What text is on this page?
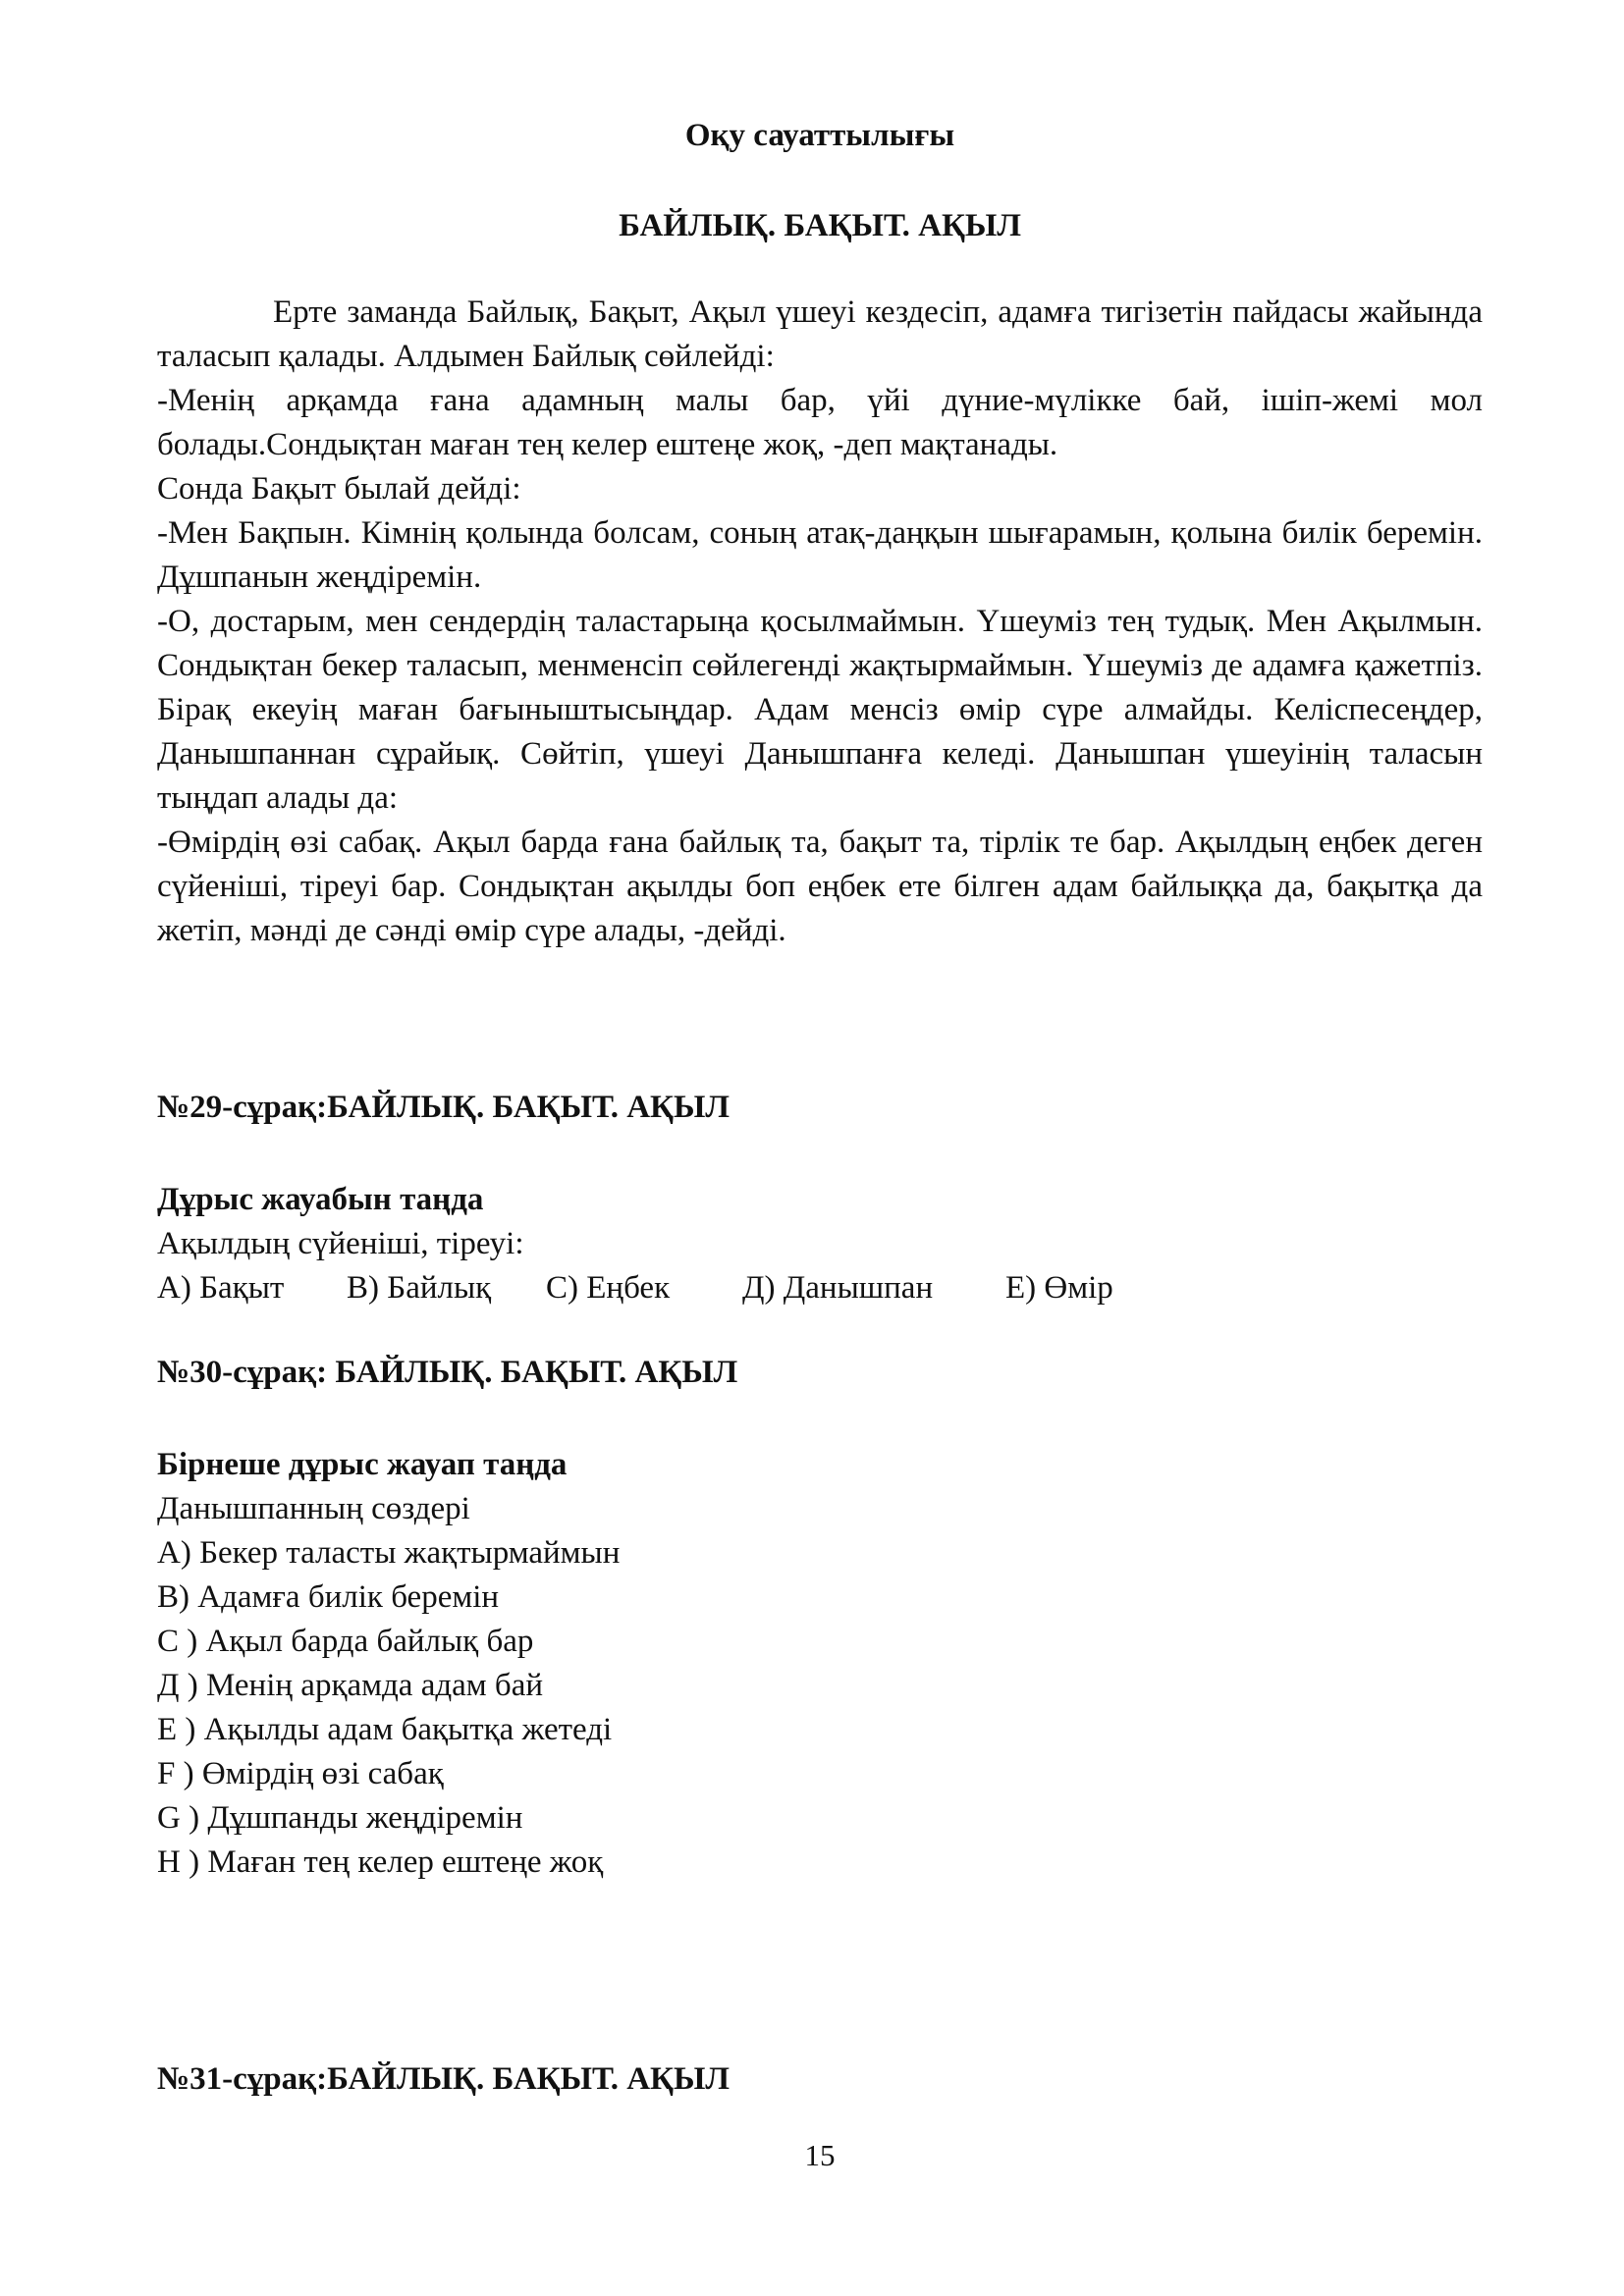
Оқу сауаттылығы
БАЙЛЫҚ. БАҚЫТ. АҚЫЛ

Ерте заманда Байлық, Бақыт, Ақыл үшеуі кездесіп, адамға тигізетін пайдасы жайында таласып қалады. Алдымен Байлық сөйлейді:

-Менің арқамда ғана адамның малы бар, үйі дүние-мүлікке бай, ішіп-жемі мол болады.Сондықтан маған тең келер ештеңе жоқ, -деп мақтанады.

Сонда Бақыт былай дейді:

-Мен Бақпын. Кімнің қолында болсам, соның атақ-даңқын шығарамын, қолына билік беремін. Дұшпанын жеңдіремін.

-О, достарым, мен сендердің таластарыңа қосылмаймын. Үшеуміз тең тудық. Мен Ақылмын. Сондықтан бекер таласып, менменсіп сөйлегенді жақтырмаймын. Үшеуміз де адамға қажетпіз. Бірақ екеуің маған бағыныштысыңдар. Адам менсіз өмір сүре алмайды. Келіспесеңдер, Данышпаннан сұрайық. Сөйтіп, үшеуі Данышпанға келеді. Данышпан үшеуінің таласын тыңдап алады да:

-Өмірдің өзі сабақ. Ақыл барда ғана байлық та, бақыт та, тірлік те бар. Ақылдың еңбек деген сүйеніші, тіреуі бар. Сондықтан ақылды боп еңбек ете білген адам байлыққа да, бақытқа да жетіп, мәнді де сәнді өмір сүре алады, -дейді.

№29-сұрақ:БАЙЛЫҚ. БАҚЫТ. АҚЫЛ

Дұрыс жауабын таңда

Ақылдың сүйеніші, тіреуі:

А) Бақыт	В) Байлық	С) Еңбек	Д) Данышпан	Е) Өмір

№30-сұрақ: БАЙЛЫҚ. БАҚЫТ. АҚЫЛ

Бірнеше дұрыс жауап таңда

Данышпанның сөздері

А) Бекер таласты жақтырмаймын
В) Адамға билік беремін
С ) Ақыл барда байлық бар
Д ) Менің арқамда адам бай
Е ) Ақылды адам бақытқа жетеді
F ) Өмірдің өзі сабақ
G ) Дұшпанды жеңдіремін
Н ) Маған тең келер ештеңе жоқ
№31-сұрақ:БАЙЛЫҚ. БАҚЫТ. АҚЫЛ
15
